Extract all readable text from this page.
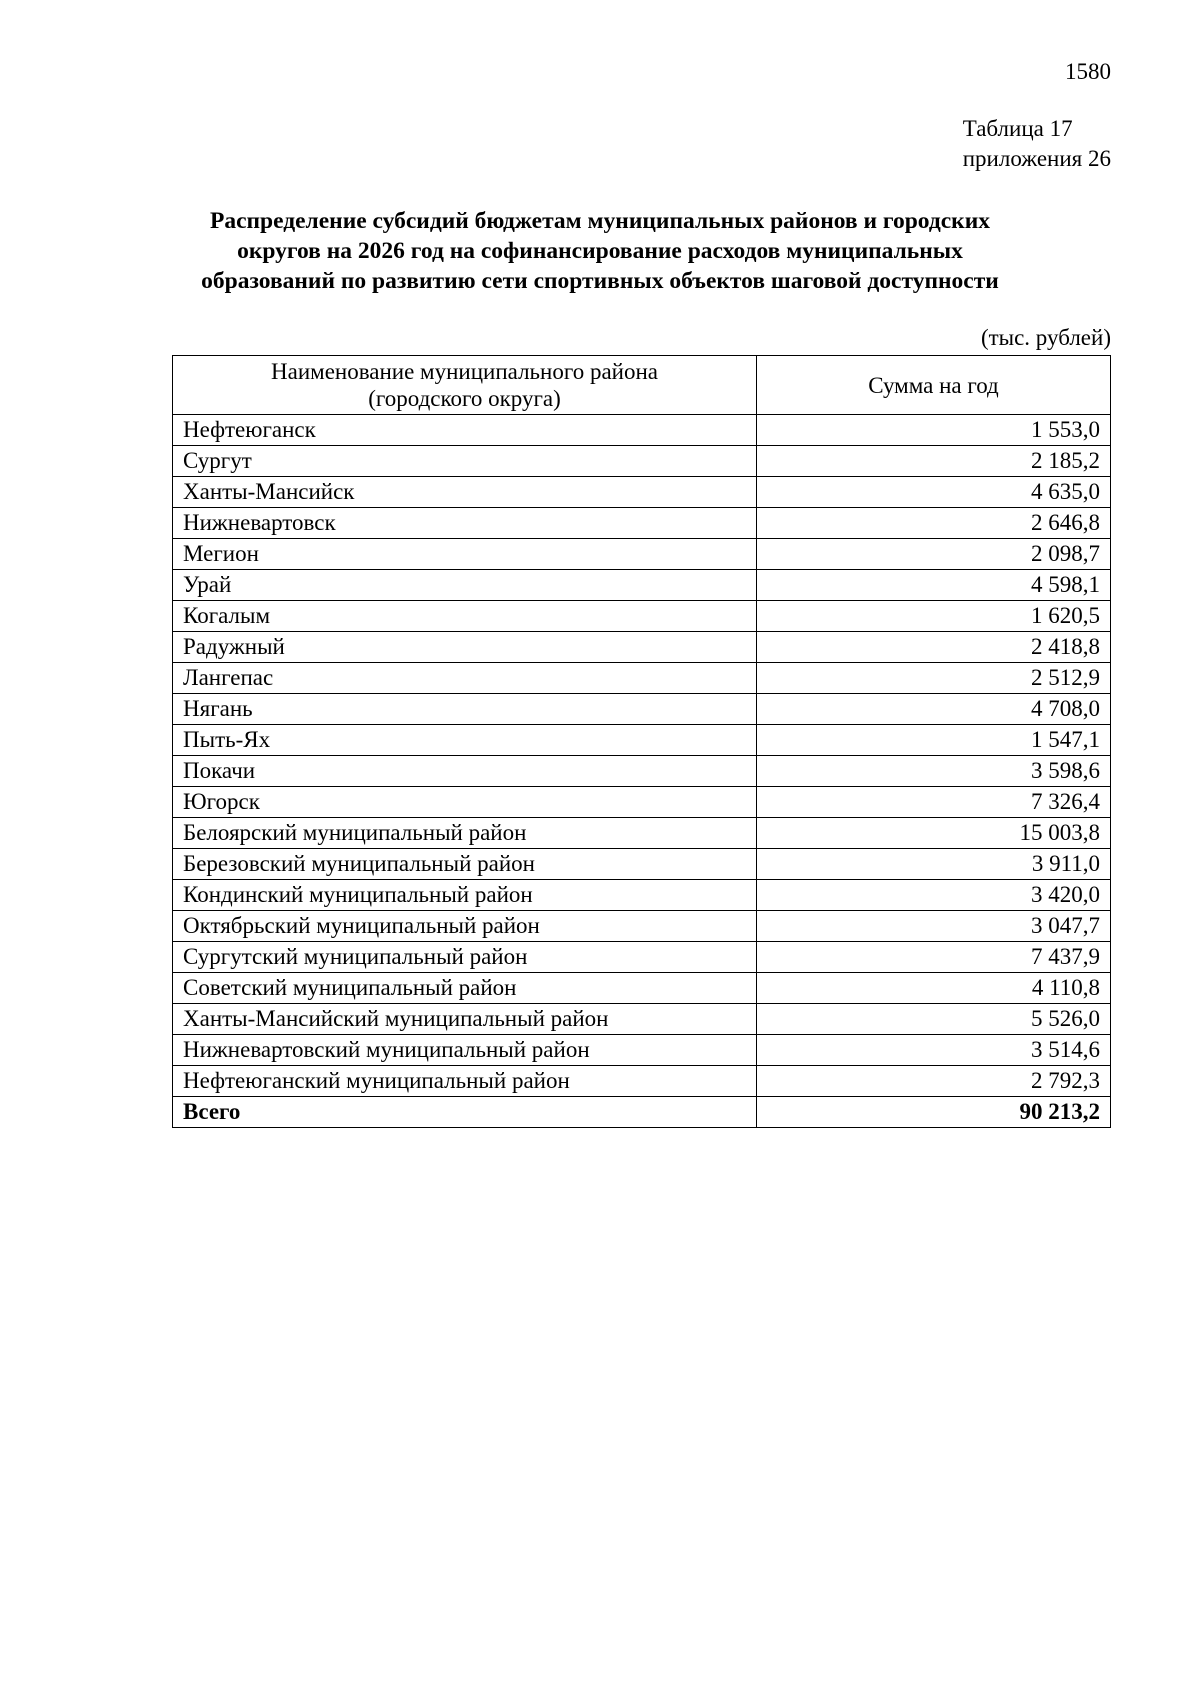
1580
Таблица 17
приложения 26
Распределение субсидий бюджетам муниципальных районов и городских
округов на 2026 год на софинансирование расходов муниципальных
образований по развитию сети спортивных объектов шаговой доступности
(тыс. рублей)
Наименование муниципального района
(городского округа)	Сумма на год
Нефтеюганск	1 553,0
Сургут	2 185,2
Ханты-Мансийск	4 635,0
Нижневартовск	2 646,8
Мегион	2 098,7
Урай	4 598,1
Когалым	1 620,5
Радужный	2 418,8
Лангепас	2 512,9
Нягань	4 708,0
Пыть-Ях	1 547,1
Покачи	3 598,6
Югорск	7 326,4
Белоярский муниципальный район	15 003,8
Березовский муниципальный район	3 911,0
Кондинский муниципальный район	3 420,0
Октябрьский муниципальный район	3 047,7
Сургутский муниципальный район	7 437,9
Советский муниципальный район	4 110,8
Ханты-Мансийский муниципальный район	5 526,0
Нижневартовский муниципальный район	3 514,6
Нефтеюганский муниципальный район	2 792,3
Всего	90 213,2
